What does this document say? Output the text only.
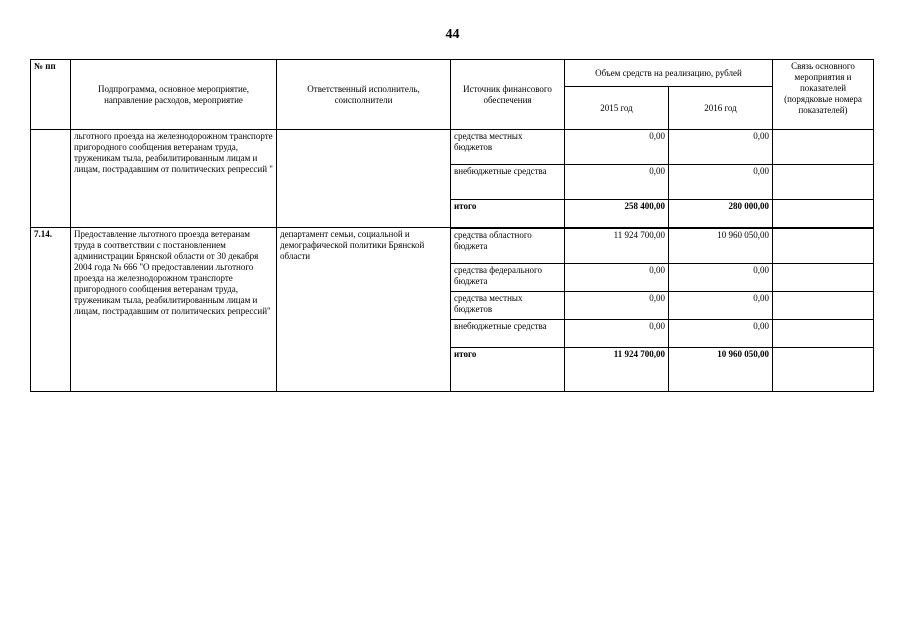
44
№ пп	Подпрограмма, основное мероприятие, направление расходов, мероприятие	Ответственный исполнитель, соисполнители	Источник финансового обеспечения	Объем средств на реализацию, рублей		Связь основного мероприятия и показателей (порядковые номера показателей)
				2015 год	2016 год	
	льготного проезда на железнодорожном транспорте пригородного сообщения ветеранам труда, труженикам тыла, реабилитированным лицам и лицам, пострадавшим от политических репрессий "		средства местных бюджетов	0,00	0,00	
			внебюджетные средства	0,00	0,00	
			итого	258 400,00	280 000,00	
7.14.	Предоставление льготного проезда ветеранам труда в соответствии с постановлением администрации Брянской области от 30 декабря 2004 года № 666 "О предоставлении льготного проезда на железнодорожном транспорте пригородного сообщения ветеранам труда, труженикам тыла, реабилитированным лицам и лицам, пострадавшим от политических репрессий"	департамент семьи, социальной и демографической политики Брянской области	средства областного бюджета	11 924 700,00	10 960 050,00	
			средства федерального бюджета	0,00	0,00	
			средства местных бюджетов	0,00	0,00	
			внебюджетные средства	0,00	0,00	
			итого	11 924 700,00	10 960 050,00	
